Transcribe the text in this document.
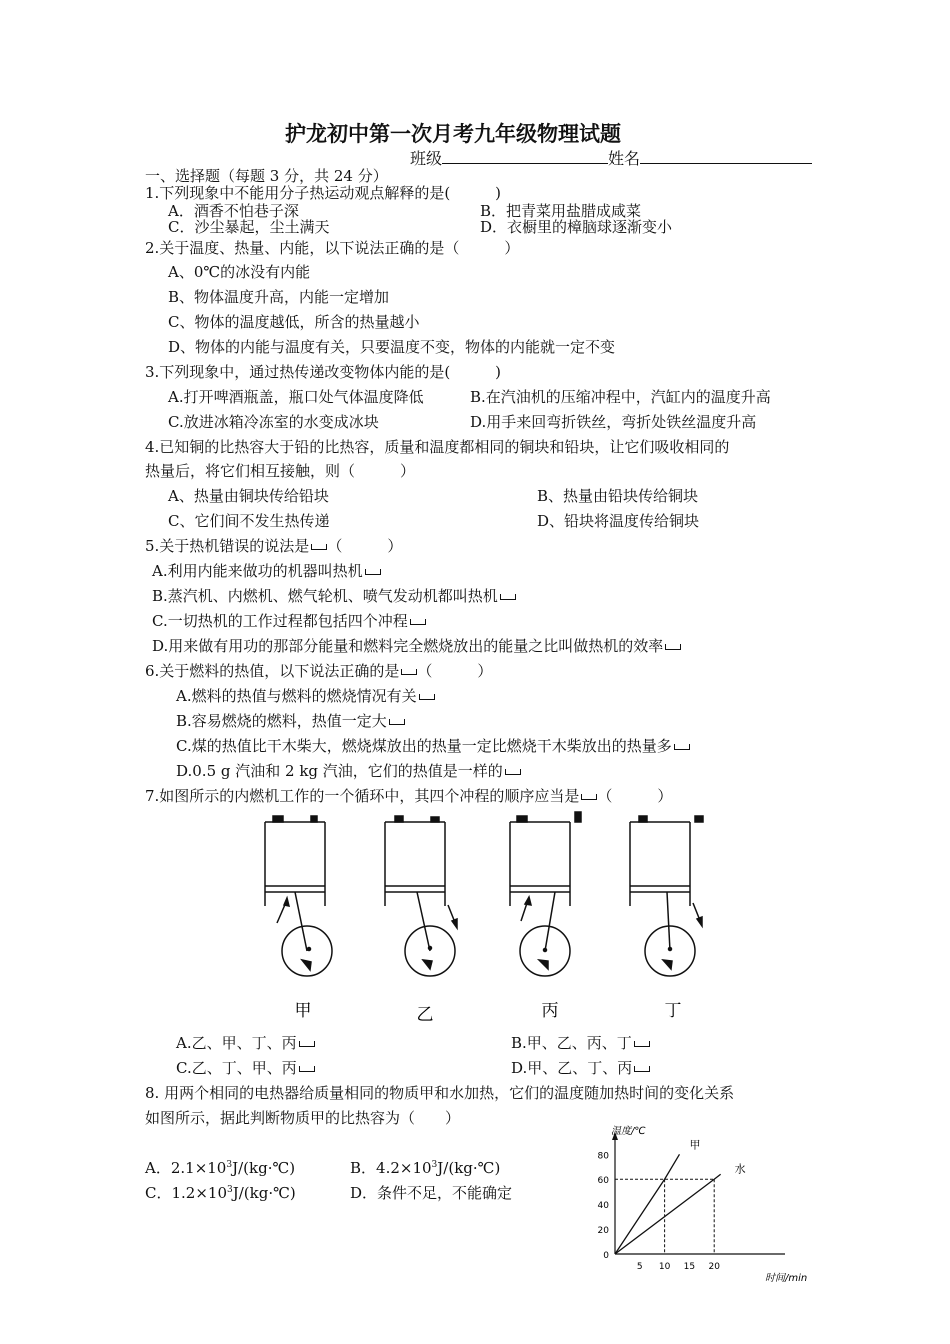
护龙初中第一次月考九年级物理试题
班级	姓名
一、选择题（每题 3 分，共 24 分）
1.下列现象中不能用分子热运动观点解释的是(　　　)
A．酒香不怕巷子深	B．把青菜用盐腊成咸菜
C．沙尘暴起，尘土满天	D．衣橱里的樟脑球逐渐变小
2.关于温度、热量、内能，以下说法正确的是（　　　）
A、0℃的冰没有内能
B、物体温度升高，内能一定增加
C、物体的温度越低，所含的热量越小
D、物体的内能与温度有关，只要温度不变，物体的内能就一定不变
3.下列现象中，通过热传递改变物体内能的是(　　　)
A.打开啤酒瓶盖，瓶口处气体温度降低	B.在汽油机的压缩冲程中，汽缸内的温度升高
C.放进冰箱冷冻室的水变成冰块	D.用手来回弯折铁丝，弯折处铁丝温度升高
4.已知铜的比热容大于铅的比热容，质量和温度都相同的铜块和铅块，让它们吸收相同的
热量后，将它们相互接触，则（　　　）
A、热量由铜块传给铅块	B、热量由铅块传给铜块
C、它们间不发生热传递	D、铅块将温度传给铜块
5.关于热机错误的说法是 （　　　）
A.利用内能来做功的机器叫热机
B.蒸汽机、内燃机、燃气轮机、喷气发动机都叫热机
C.一切热机的工作过程都包括四个冲程
D.用来做有用功的那部分能量和燃料完全燃烧放出的能量之比叫做热机的效率
6.关于燃料的热值，以下说法正确的是 （　　　）
A.燃料的热值与燃料的燃烧情况有关
B.容易燃烧的燃料，热值一定大
C.煤的热值比干木柴大，燃烧煤放出的热量一定比燃烧干木柴放出的热量多
D.0.5 g 汽油和 2 kg 汽油，它们的热值是一样的
7.如图所示的内燃机工作的一个循环中，其四个冲程的顺序应当是 （　　　）
甲	乙	丙	丁
A.乙、甲、丁、丙	B.甲、乙、丙、丁
C.乙、丁、甲、丙	D.甲、乙、丁、丙
8. 用两个相同的电热器给质量相同的物质甲和水加热，它们的温度随加热时间的变化关系
如图所示，据此判断物质甲的比热容为（　　）
A．$2.1\times 10^3J/(kg\cdot℃)$	B．$4.2\times 10^3J/(kg\cdot℃)$
C．$1.2\times 10^3J/(kg\cdot℃)$	D．条件不足，不能确定
0
20
40
60
80
5 10 15 20
甲
水
温度/℃
时间/min
